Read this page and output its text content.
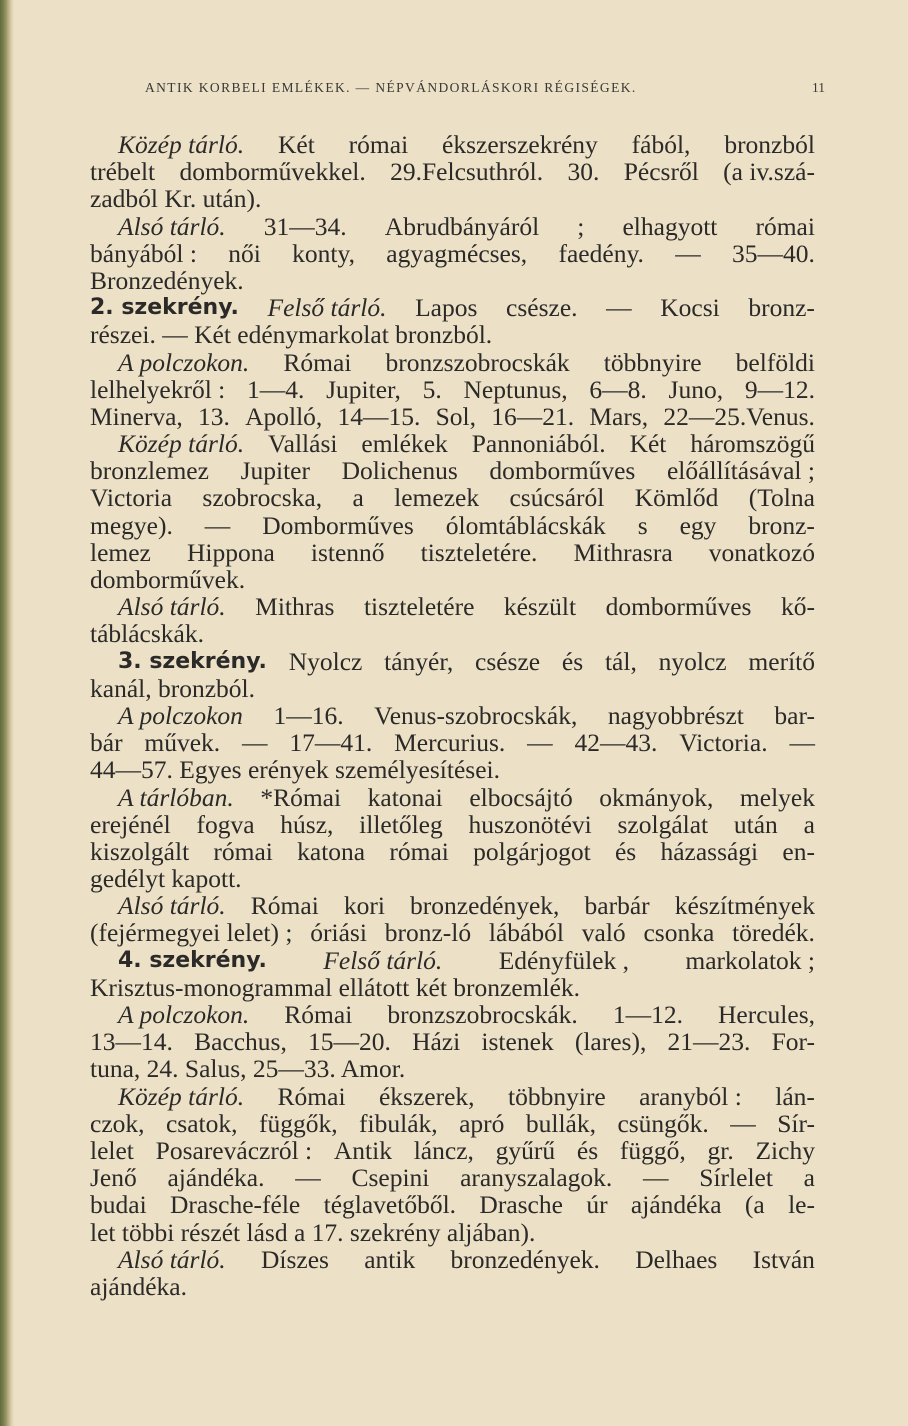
ANTIK KORBELI EMLÉKEK. — NÉPVÁNDORLÁSKORI RÉGISÉGEK.	11
Közép tárló. Két római ékszerszekrény fából, bronzból
trébelt domborművekkel. 29.Felcsuthról. 30. Pécsről (a iv.szá-
zadból Kr. után).
Alsó tárló. 31—34. Abrudbányáról ; elhagyott római
bányából : női konty, agyagmécses, faedény. — 35—40.
Bronzedények.
2. szekrény. Felső tárló. Lapos csésze. — Kocsi bronz-
részei. — Két edénymarkolat bronzból.
A polczokon. Római bronzszobrocskák többnyire belföldi
lelhelyekről : 1—4. Jupiter, 5. Neptunus, 6—8. Juno, 9—12.
Minerva, 13. Apolló, 14—15. Sol, 16—21. Mars, 22—25.Venus.
Közép tárló. Vallási emlékek Pannoniából. Két háromszögű
bronzlemez Jupiter Dolichenus domborműves előállításával ;
Victoria szobrocska, a lemezek csúcsáról Kömlőd (Tolna
megye). — Domborműves ólomtáblácskák s egy bronz-
lemez Hippona istennő tiszteletére. Mithrasra vonatkozó
domborművek.
Alsó tárló. Mithras tiszteletére készült domborműves kő-
táblácskák.
3. szekrény. Nyolcz tányér, csésze és tál, nyolcz merítő
kanál, bronzból.
A polczokon 1—16. Venus-szobrocskák, nagyobbrészt bar-
bár művek. — 17—41. Mercurius. — 42—43. Victoria. —
44—57. Egyes erények személyesítései.
A tárlóban. *Római katonai elbocsájtó okmányok, melyek
erejénél fogva húsz, illetőleg huszonötévi szolgálat után a
kiszolgált római katona római polgárjogot és házassági en-
gedélyt kapott.
Alsó tárló. Római kori bronzedények, barbár készítmények
(fejérmegyei lelet) ; óriási bronz-ló lábából való csonka töredék.
4. szekrény. Felső tárló. Edényfülek , markolatok ;
Krisztus-monogrammal ellátott két bronzemlék.
A polczokon. Római bronzszobrocskák. 1—12. Hercules,
13—14. Bacchus, 15—20. Házi istenek (lares), 21—23. For-
tuna, 24. Salus, 25—33. Amor.
Közép tárló. Római ékszerek, többnyire aranyból : lán-
czok, csatok, függők, fibulák, apró bullák, csüngők. — Sír-
lelet Posareváczról : Antik láncz, gyűrű és függő, gr. Zichy
Jenő ajándéka. — Csepini aranyszalagok. — Sírlelet a
budai Drasche-féle téglavetőből. Drasche úr ajándéka (a le-
let többi részét lásd a 17. szekrény aljában).
Alsó tárló. Díszes antik bronzedények. Delhaes István
ajándéka.
